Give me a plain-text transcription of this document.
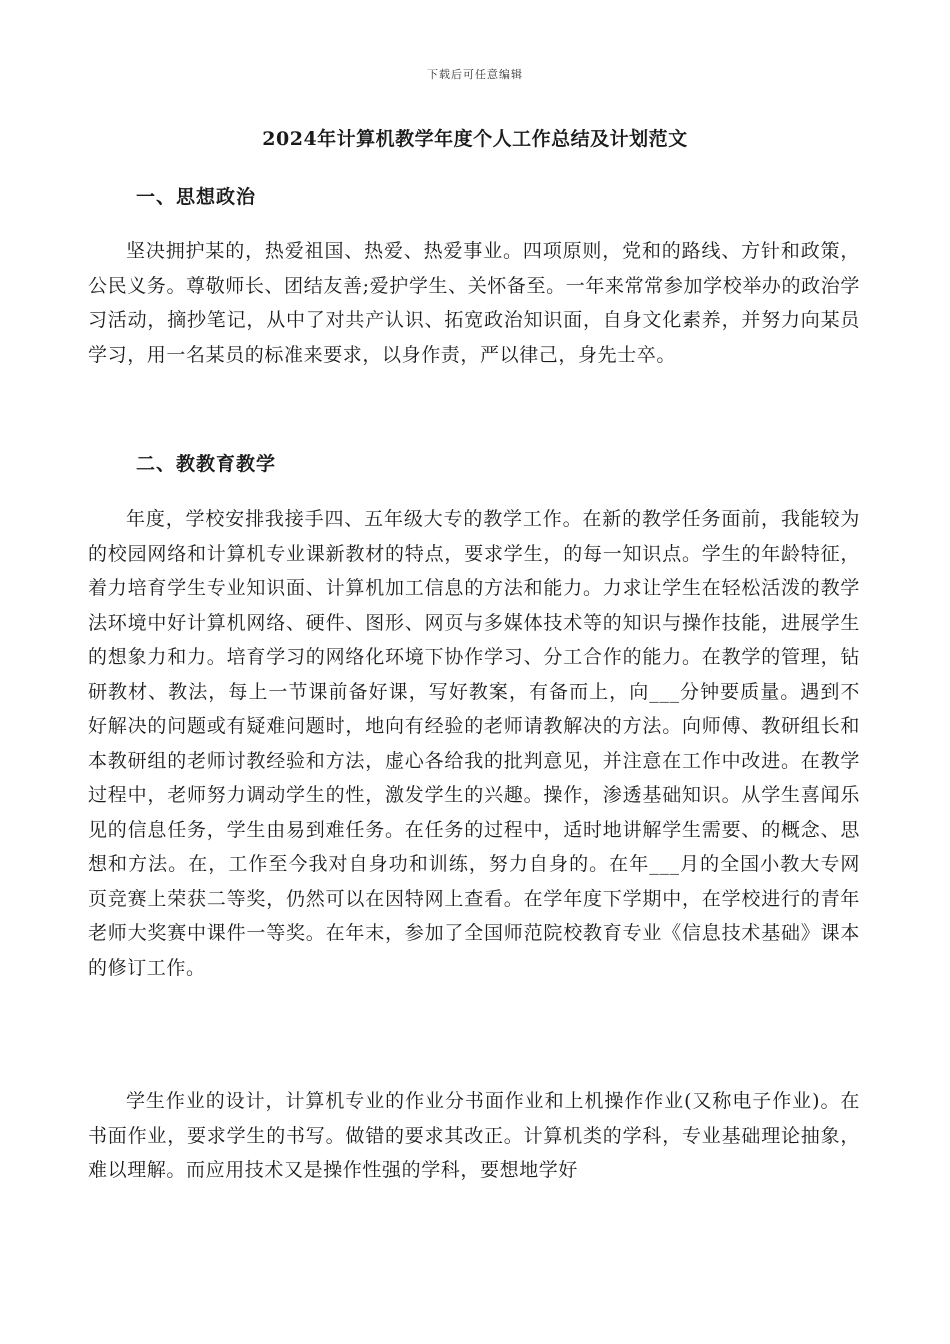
下载后可任意编辑
2024年计算机教学年度个人工作总结及计划范文
一、思想政治

坚决拥护某的，热爱祖国、热爱、热爱事业。四项原则，党和的路线、方针和政策，公民义务。尊敬师长、团结友善;爱护学生、关怀备至。一年来常常参加学校举办的政治学习活动，摘抄笔记，从中了对共产认识、拓宽政治知识面，自身文化素养，并努力向某员学习，用一名某员的标准来要求，以身作责，严以律己，身先士卒。

二、教教育教学

年度，学校安排我接手四、五年级大专的教学工作。在新的教学任务面前，我能较为的校园网络和计算机专业课新教材的特点，要求学生，的每一知识点。学生的年龄特征，着力培育学生专业知识面、计算机加工信息的方法和能力。力求让学生在轻松活泼的教学法环境中好计算机网络、硬件、图形、网页与多媒体技术等的知识与操作技能，进展学生的想象力和力。培育学习的网络化环境下协作学习、分工合作的能力。在教学的管理，钻研教材、教法，每上一节课前备好课，写好教案，有备而上，向___分钟要质量。遇到不好解决的问题或有疑难问题时，地向有经验的老师请教解决的方法。向师傅、教研组长和本教研组的老师讨教经验和方法，虚心各给我的批判意见，并注意在工作中改进。在教学过程中，老师努力调动学生的性，激发学生的兴趣。操作，渗透基础知识。从学生喜闻乐见的信息任务，学生由易到难任务。在任务的过程中，适时地讲解学生需要、的概念、思想和方法。在，工作至今我对自身功和训练，努力自身的。在年___月的全国小教大专网页竞赛上荣获二等奖，仍然可以在因特网上查看。在学年度下学期中，在学校进行的青年老师大奖赛中课件一等奖。在年末，参加了全国师范院校教育专业《信息技术基础》课本的修订工作。

学生作业的设计，计算机专业的作业分书面作业和上机操作作业(又称电子作业)。在书面作业，要求学生的书写。做错的要求其改正。计算机类的学科，专业基础理论抽象，难以理解。而应用技术又是操作性强的学科，要想地学好
